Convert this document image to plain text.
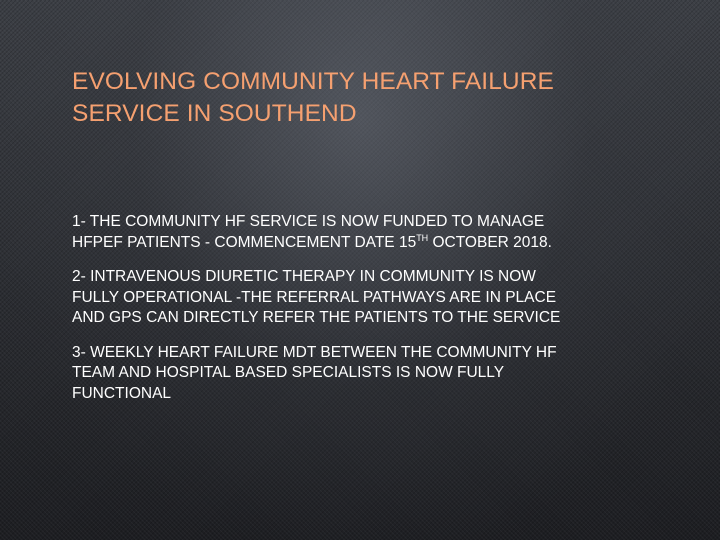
EVOLVING COMMUNITY HEART FAILURE
SERVICE IN SOUTHEND
1- THE COMMUNITY HF SERVICE IS NOW FUNDED TO MANAGE
HFPEF PATIENTS - COMMENCEMENT DATE 15TH OCTOBER 2018.
2- INTRAVENOUS DIURETIC THERAPY IN COMMUNITY IS NOW
FULLY OPERATIONAL -THE REFERRAL PATHWAYS ARE IN PLACE
AND GPS CAN DIRECTLY REFER THE PATIENTS TO THE SERVICE
3- WEEKLY HEART FAILURE MDT BETWEEN THE COMMUNITY HF
TEAM AND HOSPITAL BASED SPECIALISTS IS NOW FULLY
FUNCTIONAL
